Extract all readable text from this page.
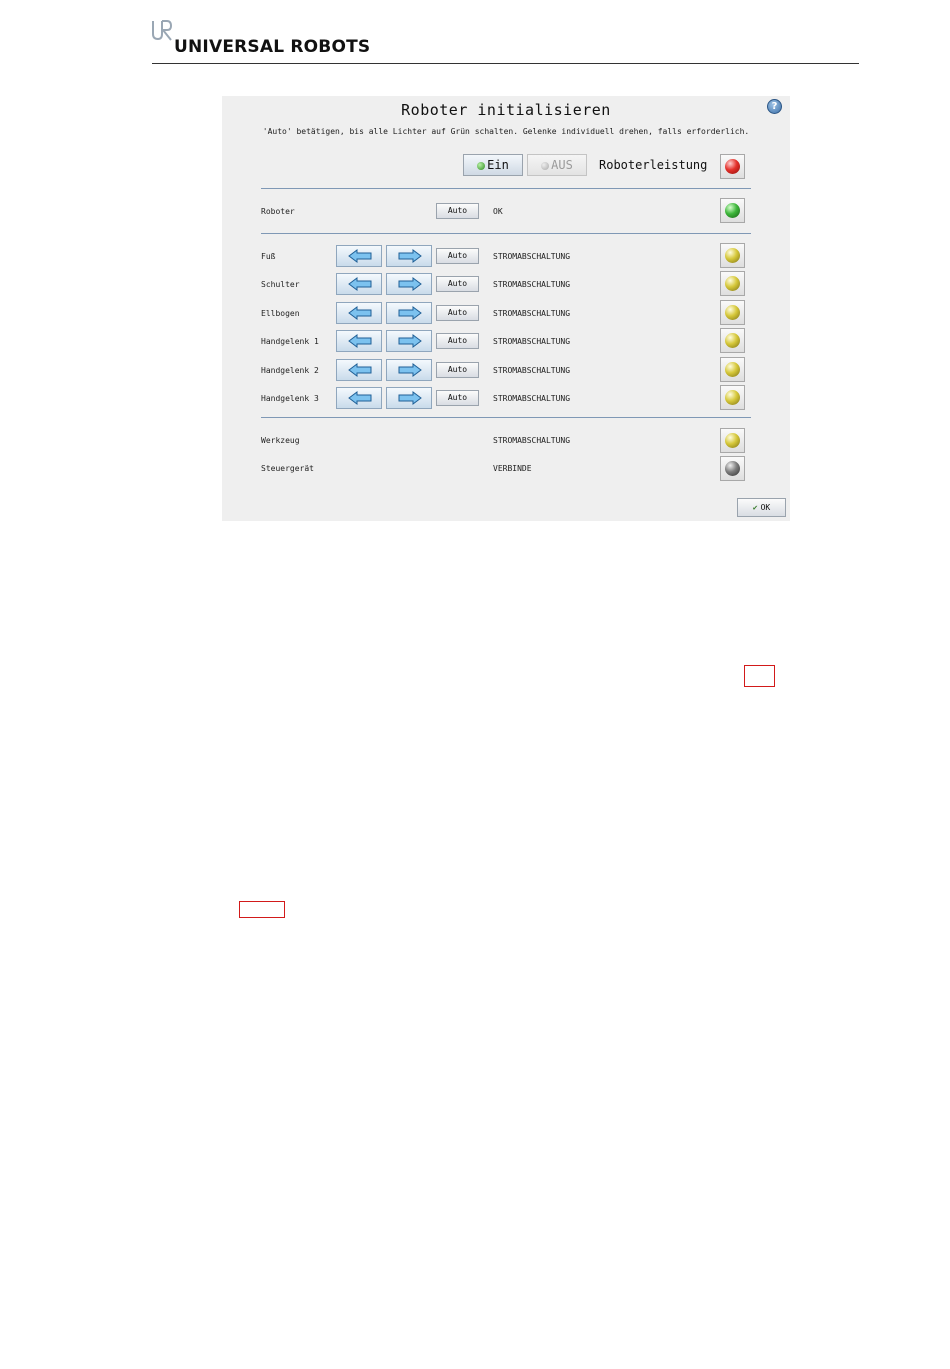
UNIVERSAL ROBOTS
Roboter initialisieren	?
'Auto' betätigen, bis alle Lichter auf Grün schalten. Gelenke individuell drehen, falls erforderlich.
Ein	AUS	Roboterleistung
Roboter	Auto	OK
Fuß	Auto	STROMABSCHALTUNG
Schulter	Auto	STROMABSCHALTUNG
Ellbogen	Auto	STROMABSCHALTUNG
Handgelenk 1	Auto	STROMABSCHALTUNG
Handgelenk 2	Auto	STROMABSCHALTUNG
Handgelenk 3	Auto	STROMABSCHALTUNG
Werkzeug	STROMABSCHALTUNG
Steuergerät	VERBINDE
✔ OK
